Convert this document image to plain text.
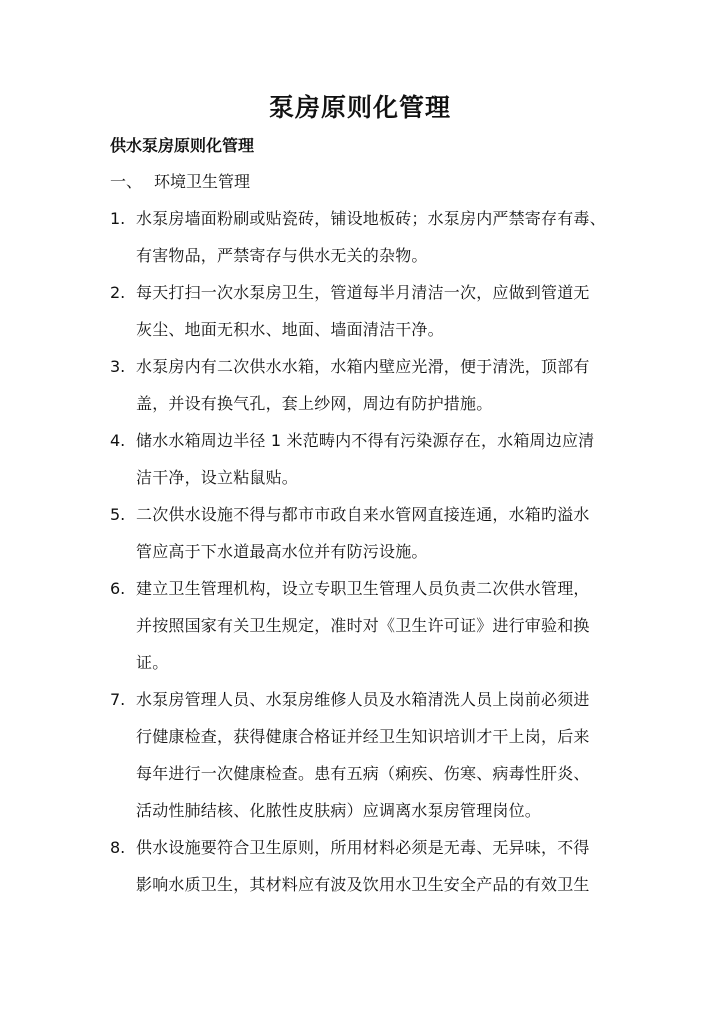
泵房原则化管理
供水泵房原则化管理

一、 环境卫生管理

1. 水泵房墙面粉刷或贴瓷砖，铺设地板砖；水泵房内严禁寄存有毒、
有害物品，严禁寄存与供水无关的杂物。
2. 每天打扫一次水泵房卫生，管道每半月清洁一次，应做到管道无
灰尘、地面无积水、地面、墙面清洁干净。
3. 水泵房内有二次供水水箱，水箱内壁应光滑，便于清洗，顶部有
盖，并设有换气孔，套上纱网，周边有防护措施。
4. 储水水箱周边半径 1 米范畴内不得有污染源存在，水箱周边应清
洁干净，设立粘鼠贴。
5. 二次供水设施不得与都市市政自来水管网直接连通，水箱旳溢水
管应高于下水道最高水位并有防污设施。
6. 建立卫生管理机构，设立专职卫生管理人员负责二次供水管理，
并按照国家有关卫生规定，准时对《卫生许可证》进行审验和换
证。
7. 水泵房管理人员、水泵房维修人员及水箱清洗人员上岗前必须进
行健康检查，获得健康合格证并经卫生知识培训才干上岗，后来
每年进行一次健康检查。患有五病（痢疾、伤寒、病毒性肝炎、
活动性肺结核、化脓性皮肤病）应调离水泵房管理岗位。
8. 供水设施要符合卫生原则，所用材料必须是无毒、无异味，不得
影响水质卫生，其材料应有波及饮用水卫生安全产品的有效卫生
